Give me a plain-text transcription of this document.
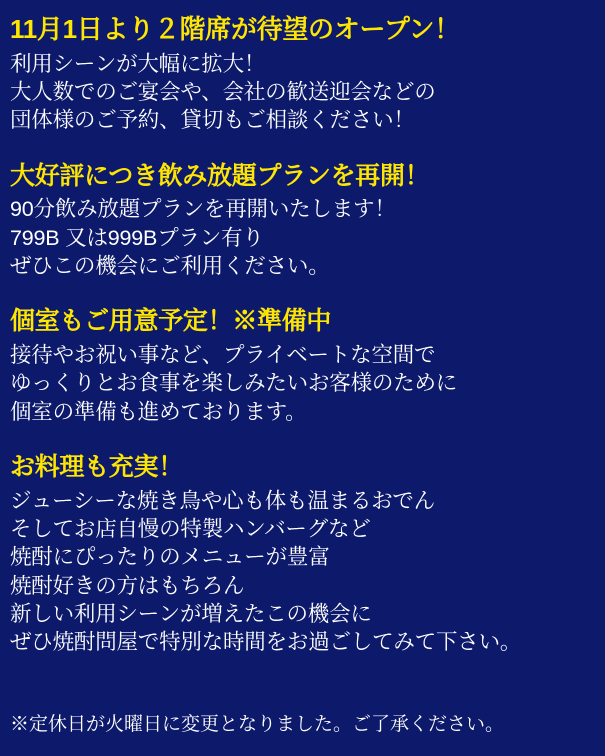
11月1日より２階席が待望のオープン！
利用シーンが大幅に拡大！
大人数でのご宴会や、会社の歓送迎会などの
団体様のご予約、貸切もご相談ください！
大好評につき飲み放題プランを再開！
90分飲み放題プランを再開いたします！
799B 又は999Bプラン有り
ぜひこの機会にご利用ください。
個室もご用意予定！※準備中
接待やお祝い事など、プライベートな空間で
ゆっくりとお食事を楽しみたいお客様のために
個室の準備も進めております。
お料理も充実！
ジューシーな焼き鳥や心も体も温まるおでん
そしてお店自慢の特製ハンバーグなど
焼酎にぴったりのメニューが豊富
焼酎好きの方はもちろん
新しい利用シーンが増えたこの機会に
ぜひ焼酎問屋で特別な時間をお過ごしてみて下さい。
※定休日が火曜日に変更となりました。ご了承ください。
